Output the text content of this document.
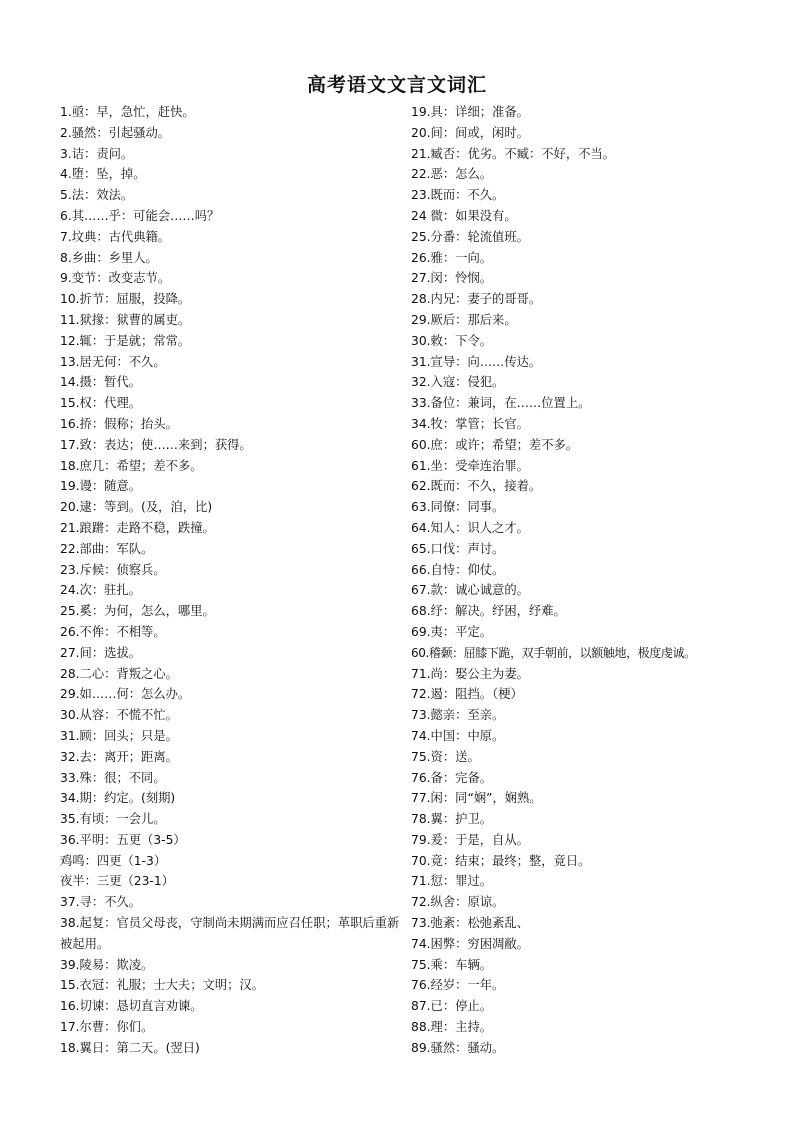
高考语文文言文词汇
1.亟：早，急忙，赶快。
2.骚然：引起骚动。
3.诘：责问。
4.堕：坠，掉。
5.法：效法。
6.其……乎：可能会……吗？
7.坟典：古代典籍。
8.乡曲：乡里人。
9.变节：改变志节。
10.折节：屈服，投降。
11.狱掾：狱曹的属吏。
12.辄：于是就；常常。
13.居无何：不久。
14.摄：暂代。
15.权：代理。
16.挢：假称；抬头。
17.致：表达；使……来到；获得。
18.庶几：希望；差不多。
19.谩：随意。
20.逮：等到。(及，洎，比)
21.踉蹡：走路不稳，跌撞。
22.部曲：军队。
23.斥候：侦察兵。
24.次：驻扎。
25.奚：为何，怎么，哪里。
26.不侔：不相等。
27.间：选拔。
28.二心：背叛之心。
29.如……何：怎么办。
30.从容：不慌不忙。
31.顾：回头；只是。
32.去：离开；距离。
33.殊：很；不同。
34.期：约定。(刻期)
35.有顷：一会儿。
36.平明：五更（3-5）
鸡鸣：四更（1-3）
夜半：三更（23-1）
37.寻：不久。
38.起复：官员父母丧，守制尚未期满而应召任职；革职后重新被起用。
39.陵易：欺凌。
15.衣冠：礼服；士大夫；文明；汉。
16.切谏：恳切直言劝谏。
17.尔曹：你们。
18.翼日：第二天。(翌日)
19.具：详细；准备。
20.间：间或，闲时。
21.臧否：优劣。不臧：不好，不当。
22.恶：怎么。
23.既而：不久。
24 微：如果没有。
25.分番：轮流值班。
26.雅：一向。
27.闵：怜悯。
28.内兄：妻子的哥哥。
29.厥后：那后来。
30.敕：下令。
31.宣导：向……传达。
32.入寇：侵犯。
33.备位：兼词，在……位置上。
34.牧：掌管；长官。
60.庶：或许；希望；差不多。
61.坐：受牵连治罪。
62.既而：不久，接着。
63.同僚：同事。
64.知人：识人之才。
65.口伐：声讨。
66.自恃：仰仗。
67.款：诚心诚意的。
68.纾：解决。纾困，纾难。
69.夷：平定。
60.稽颡：屈膝下跪，双手朝前，以额触地，极度虔诚。
71.尚：娶公主为妻。
72.遏：阻挡。（梗）
73.懿亲：至亲。
74.中国：中原。
75.资：送。
76.备：完备。
77.闲：同“娴”，娴熟。
78.翼：护卫。
79.爰：于是，自从。
70.竟：结束；最终；整，竟日。
71.愆：罪过。
72.纵舍：原谅。
73.弛紊：松弛紊乱、
74.困弊：穷困凋敝。
75.乘：车辆。
76.经岁：一年。
87.已：停止。
88.理：主持。
89.骚然：骚动。
